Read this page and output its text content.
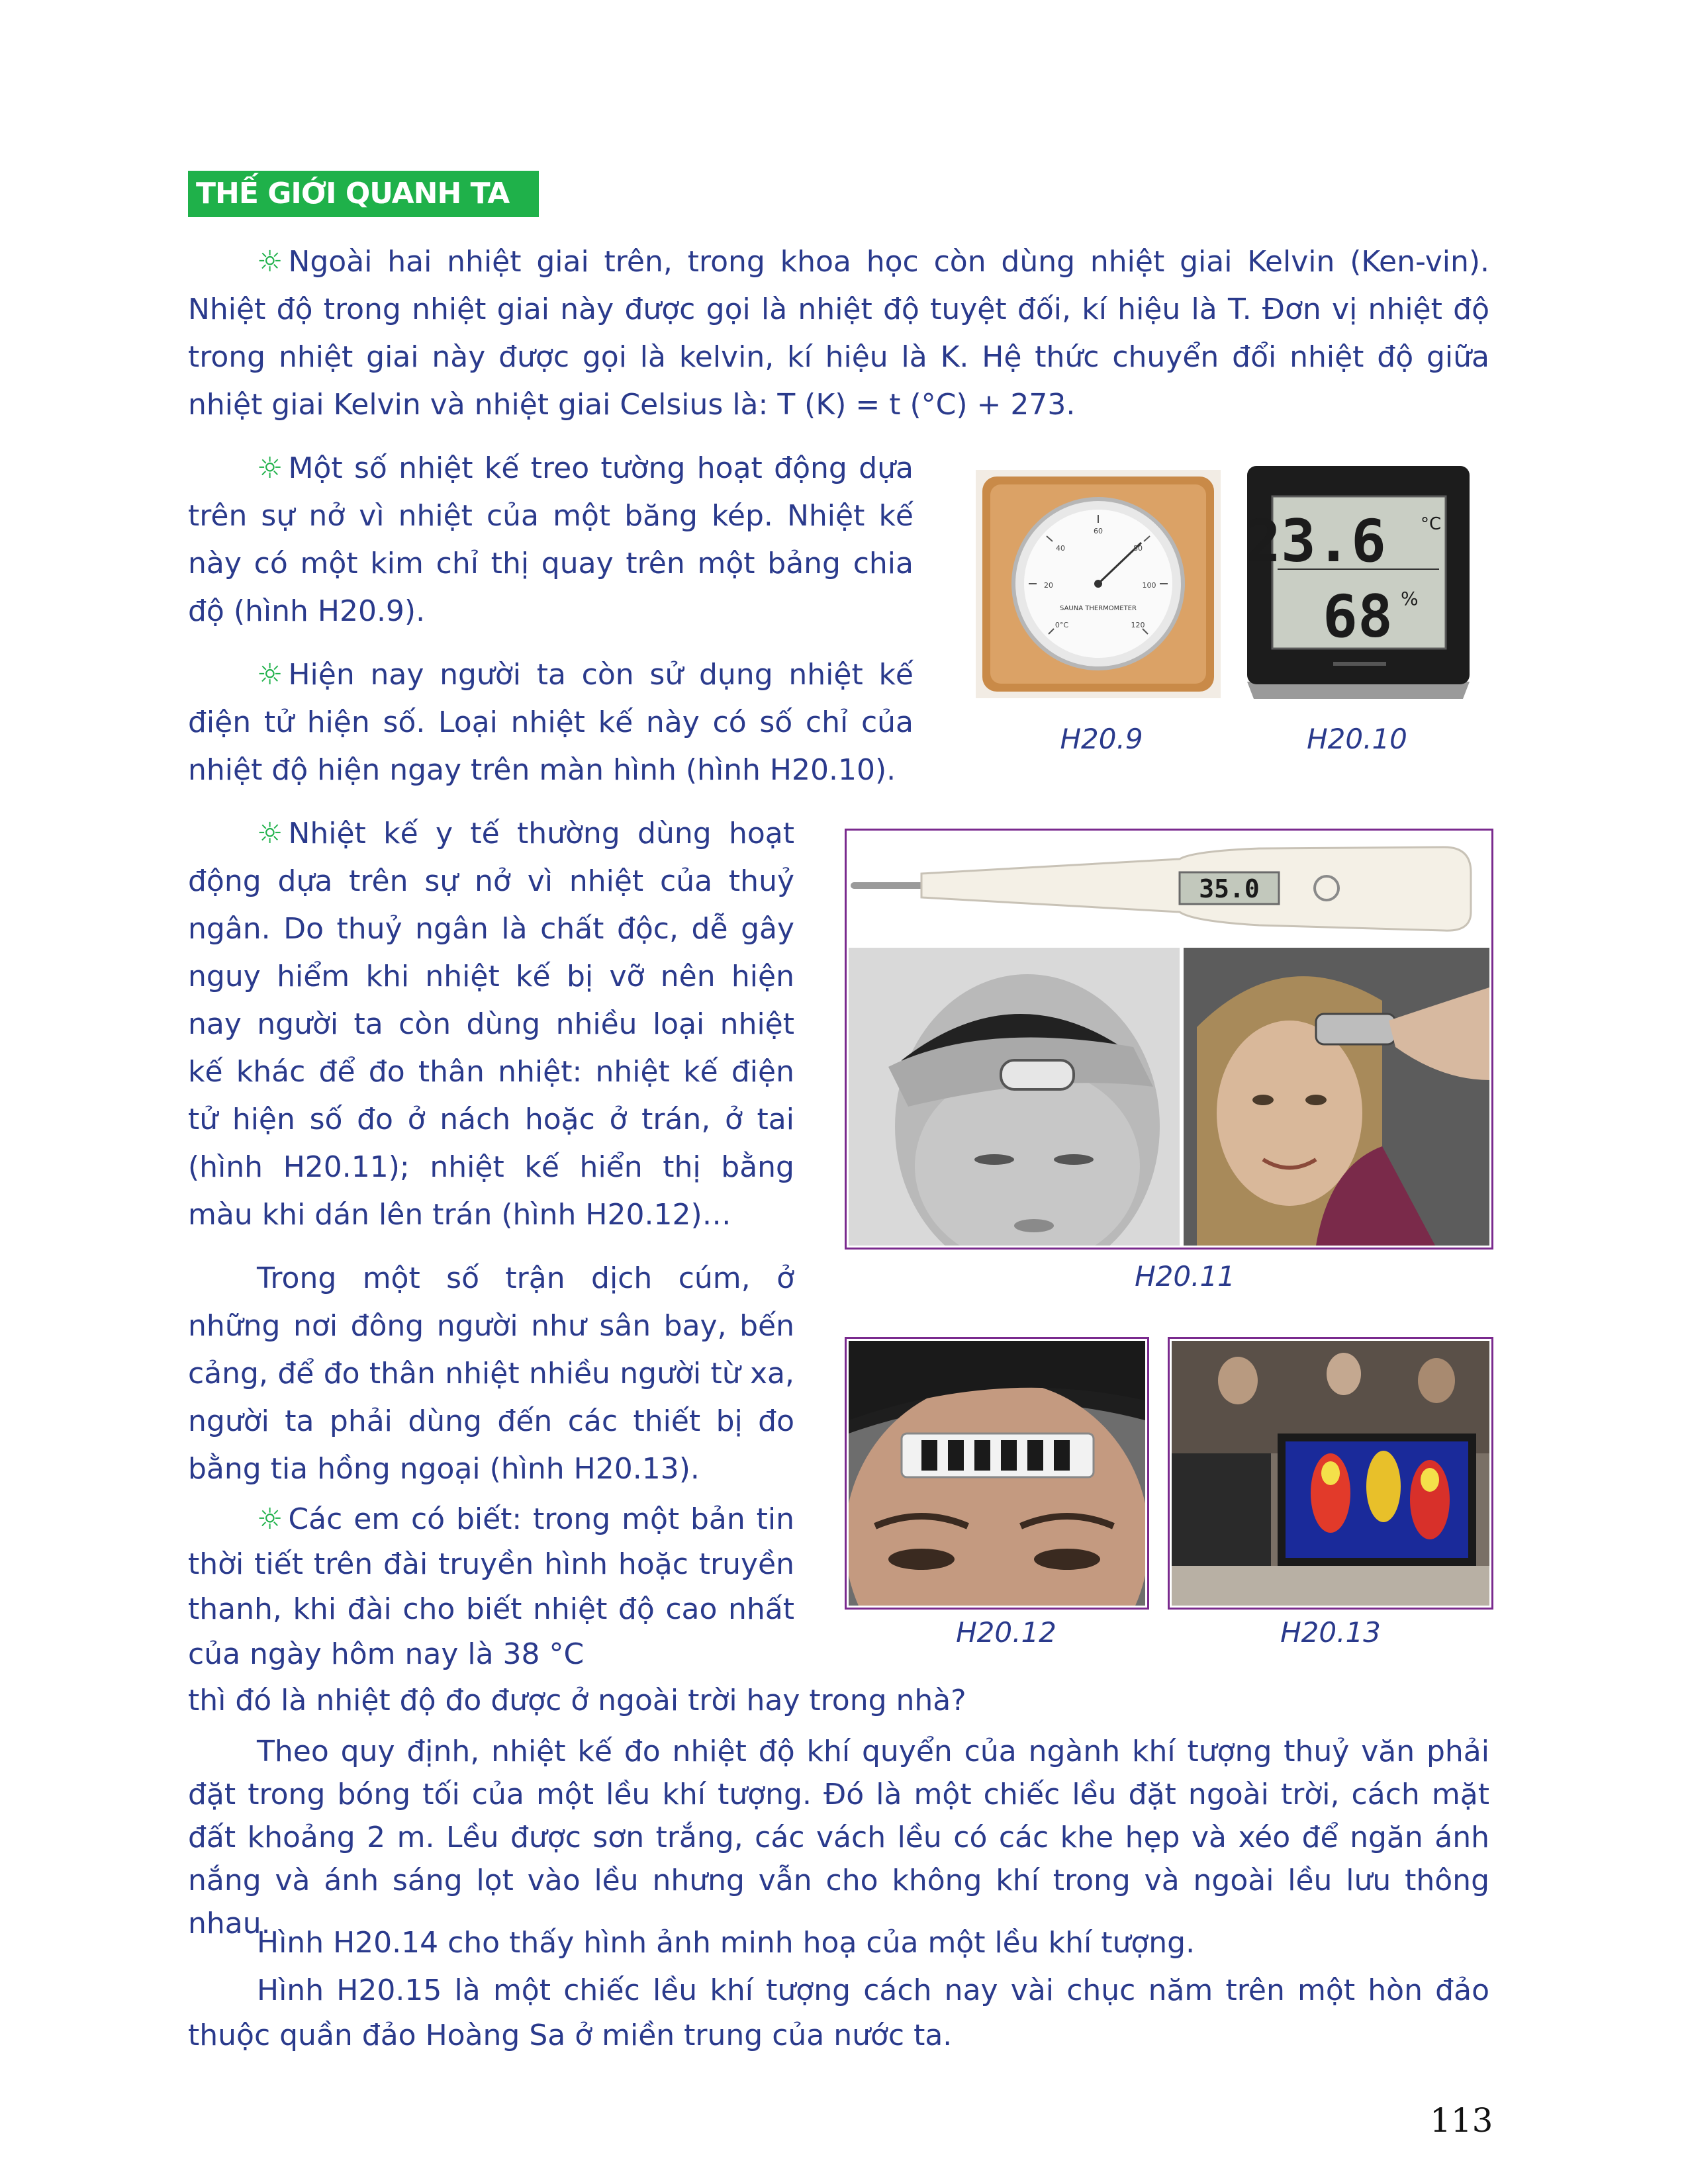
THẾ GIỚI QUANH TA

☼ Ngoài hai nhiệt giai trên, trong khoa học còn dùng nhiệt giai Kelvin (Ken-vin). Nhiệt độ trong nhiệt giai này được gọi là nhiệt độ tuyệt đối, kí hiệu là T. Đơn vị nhiệt độ trong nhiệt giai này được gọi là kelvin, kí hiệu là K. Hệ thức chuyển đổi nhiệt độ giữa nhiệt giai Kelvin và nhiệt giai Celsius là: T (K) = t (°C) + 273.

☼ Một số nhiệt kế treo tường hoạt động dựa trên sự nở vì nhiệt của một băng kép. Nhiệt kế này có một kim chỉ thị quay trên một bảng chia độ (hình H20.9).

☼ Hiện nay người ta còn sử dụng nhiệt kế điện tử hiện số. Loại nhiệt kế này có số chỉ của nhiệt độ hiện ngay trên màn hình (hình H20.10).

☼ Nhiệt kế y tế thường dùng hoạt động dựa trên sự nở vì nhiệt của thuỷ ngân. Do thuỷ ngân là chất độc, dễ gây nguy hiểm khi nhiệt kế bị vỡ nên hiện nay người ta còn dùng nhiều loại nhiệt kế khác để đo thân nhiệt: nhiệt kế điện tử hiện số đo ở nách hoặc ở trán, ở tai (hình H20.11); nhiệt kế hiển thị bằng màu khi dán lên trán (hình H20.12)…

Trong một số trận dịch cúm, ở những nơi đông người như sân bay, bến cảng, để đo thân nhiệt nhiều người từ xa, người ta phải dùng đến các thiết bị đo bằng tia hồng ngoại (hình H20.13).

☼ Các em có biết: trong một bản tin thời tiết trên đài truyền hình hoặc truyền thanh, khi đài cho biết nhiệt độ cao nhất của ngày hôm nay là 38 °C

thì đó là nhiệt độ đo được ở ngoài trời hay trong nhà?

Theo quy định, nhiệt kế đo nhiệt độ khí quyển của ngành khí tượng thuỷ văn phải đặt trong bóng tối của một lều khí tượng. Đó là một chiếc lều đặt ngoài trời, cách mặt đất khoảng 2 m. Lều được sơn trắng, các vách lều có các khe hẹp và xéo để ngăn ánh nắng và ánh sáng lọt vào lều nhưng vẫn cho không khí trong và ngoài lều lưu thông nhau.

Hình H20.14 cho thấy hình ảnh minh hoạ của một lều khí tượng.

Hình H20.15 là một chiếc lều khí tượng cách nay vài chục năm trên một hòn đảo thuộc quần đảo Hoàng Sa ở miền trung của nước ta.

60
80
100
40
20
0°C	120
SAUNA THERMOMETER
H20.9
23.6 °C
68 %
H20.10
35.0
H20.11
H20.12	H20.13
113
